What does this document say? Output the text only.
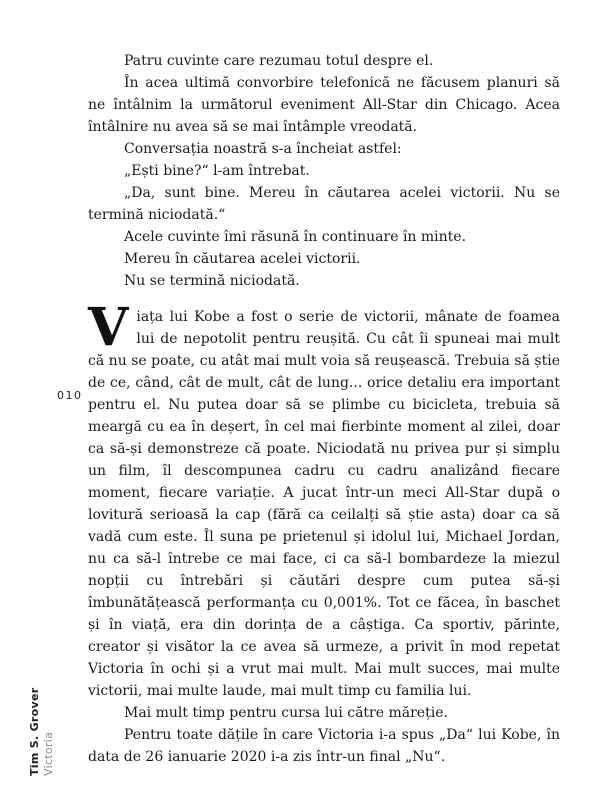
010
Tim S. Grover Victoria

Patru cuvinte care rezumau totul despre el.

În acea ultimă convorbire telefonică ne făcusem planuri să ne întâlnim la următorul eveniment All-Star din Chicago. Acea întâlnire nu avea să se mai întâmple vreodată.

Conversația noastră s-a încheiat astfel:

„Ești bine?“ l-am întrebat.

„Da, sunt bine. Mereu în căutarea acelei victorii. Nu se termină niciodată.“

Acele cuvinte îmi răsună în continuare în minte.

Mereu în căutarea acelei victorii.

Nu se termină niciodată.

Viața lui Kobe a fost o serie de victorii, mânate de foamea lui de nepotolit pentru reușită. Cu cât îi spuneai mai mult că nu se poate, cu atât mai mult voia să reușească. Trebuia să știe de ce, când, cât de mult, cât de lung... orice detaliu era important pentru el. Nu putea doar să se plimbe cu bicicleta, trebuia să meargă cu ea în deșert, în cel mai fierbinte moment al zilei, doar ca să-și demonstreze că poate. Niciodată nu privea pur și simplu un film, îl descompunea cadru cu cadru analizând fiecare moment, fiecare variație. A jucat într-un meci All-Star după o lovitură serioasă la cap (fără ca ceilalți să știe asta) doar ca să vadă cum este. Îl suna pe prietenul și idolul lui, Michael Jordan, nu ca să-l întrebe ce mai face, ci ca să-l bombardeze la miezul nopții cu întrebări și căutări despre cum putea să-și îmbunătățească performanța cu 0,001%. Tot ce făcea, în baschet și în viață, era din dorința de a câștiga. Ca sportiv, părinte, creator și visător la ce avea să urmeze, a privit în mod repetat Victoria în ochi și a vrut mai mult. Mai mult succes, mai multe victorii, mai multe laude, mai mult timp cu familia lui.

Mai mult timp pentru cursa lui către măreție.

Pentru toate dățile în care Victoria i-a spus „Da“ lui Kobe, în data de 26 ianuarie 2020 i-a zis într-un final „Nu“.
